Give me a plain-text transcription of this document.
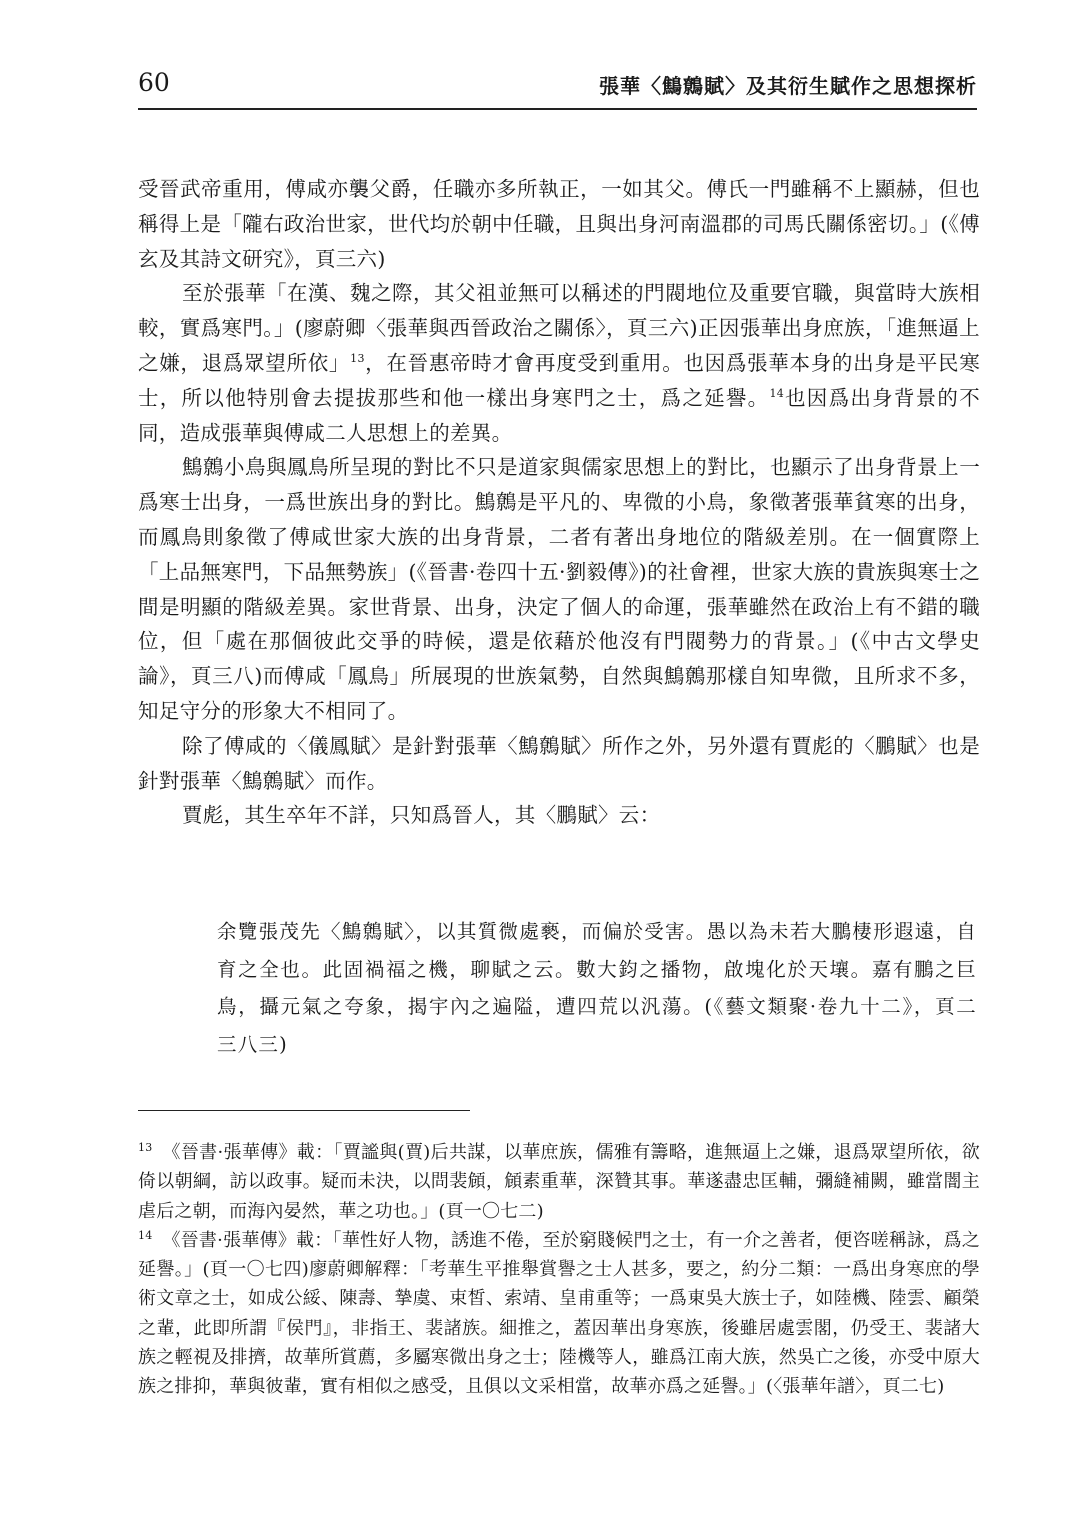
60	張華〈鷦鷯賦〉及其衍生賦作之思想探析

受晉武帝重用，傅咸亦襲父爵，任職亦多所執正，一如其父。傅氏一門雖稱不上顯赫，但也稱得上是「隴右政治世家，世代均於朝中任職，且與出身河南溫郡的司馬氏關係密切。」(《傅玄及其詩文研究》，頁三六)

至於張華「在漢、魏之際，其父祖並無可以稱述的門閥地位及重要官職，與當時大族相較，實爲寒門。」(廖蔚卿〈張華與西晉政治之關係〉，頁三六)正因張華出身庶族，「進無逼上之嫌，退爲眾望所依」$^{13}$，在晉惠帝時才會再度受到重用。也因爲張華本身的出身是平民寒士，所以他特別會去提拔那些和他一樣出身寒門之士，爲之延譽。$^{14}$也因爲出身背景的不同，造成張華與傅咸二人思想上的差異。

鷦鷯小鳥與鳳鳥所呈現的對比不只是道家與儒家思想上的對比，也顯示了出身背景上一爲寒士出身，一爲世族出身的對比。鷦鷯是平凡的、卑微的小鳥，象徵著張華貧寒的出身，而鳳鳥則象徵了傅咸世家大族的出身背景，二者有著出身地位的階級差別。在一個實際上「上品無寒門，下品無勢族」(《晉書·卷四十五·劉毅傳》)的社會裡，世家大族的貴族與寒士之間是明顯的階級差異。家世背景、出身，決定了個人的命運，張華雖然在政治上有不錯的職位，但「處在那個彼此交爭的時候，還是依藉於他沒有門閥勢力的背景。」(《中古文學史論》，頁三八)而傅咸「鳳鳥」所展現的世族氣勢，自然與鷦鷯那樣自知卑微，且所求不多，知足守分的形象大不相同了。

除了傅咸的〈儀鳳賦〉是針對張華〈鷦鷯賦〉所作之外，另外還有賈彪的〈鵬賦〉也是針對張華〈鷦鷯賦〉而作。

賈彪，其生卒年不詳，只知爲晉人，其〈鵬賦〉云：

余覽張茂先〈鷦鷯賦〉，以其質微處褻，而偏於受害。愚以為未若大鵬棲形遐遠，自育之全也。此固禍福之機，聊賦之云。數大鈞之播物，啟塊化於天壤。嘉有鵬之巨鳥，攝元氣之夸象，揭宇內之遍隘，遭四荒以汎蕩。(《藝文類聚·卷九十二》，頁二三八三)

$^{13}$ 《晉書·張華傳》載：「賈謐與(賈)后共謀，以華庶族，儒雅有籌略，進無逼上之嫌，退爲眾望所依，欲倚以朝綱，訪以政事。疑而未決，以問裴頠，頠素重華，深贊其事。華遂盡忠匡輔，彌縫補闕，雖當闇主虐后之朝，而海內晏然，華之功也。」(頁一〇七二)

$^{14}$ 《晉書·張華傳》載：「華性好人物，誘進不倦，至於窮賤候門之士，有一介之善者，便咨嗟稱詠，爲之延譽。」(頁一〇七四)廖蔚卿解釋：「考華生平推舉賞譽之士人甚多，要之，約分二類：一爲出身寒庶的學術文章之士，如成公綏、陳壽、摯虞、束皙、索靖、皇甫重等；一爲東吳大族士子，如陸機、陸雲、顧榮之輩，此即所謂『侯門』，非指王、裴諸族。細推之，蓋因華出身寒族，後雖居處雲閣，仍受王、裴諸大族之輕視及排擠，故華所賞薦，多屬寒微出身之士；陸機等人，雖爲江南大族，然吳亡之後，亦受中原大族之排抑，華與彼輩，實有相似之感受，且俱以文采相當，故華亦爲之延譽。」(〈張華年譜〉，頁二七)
